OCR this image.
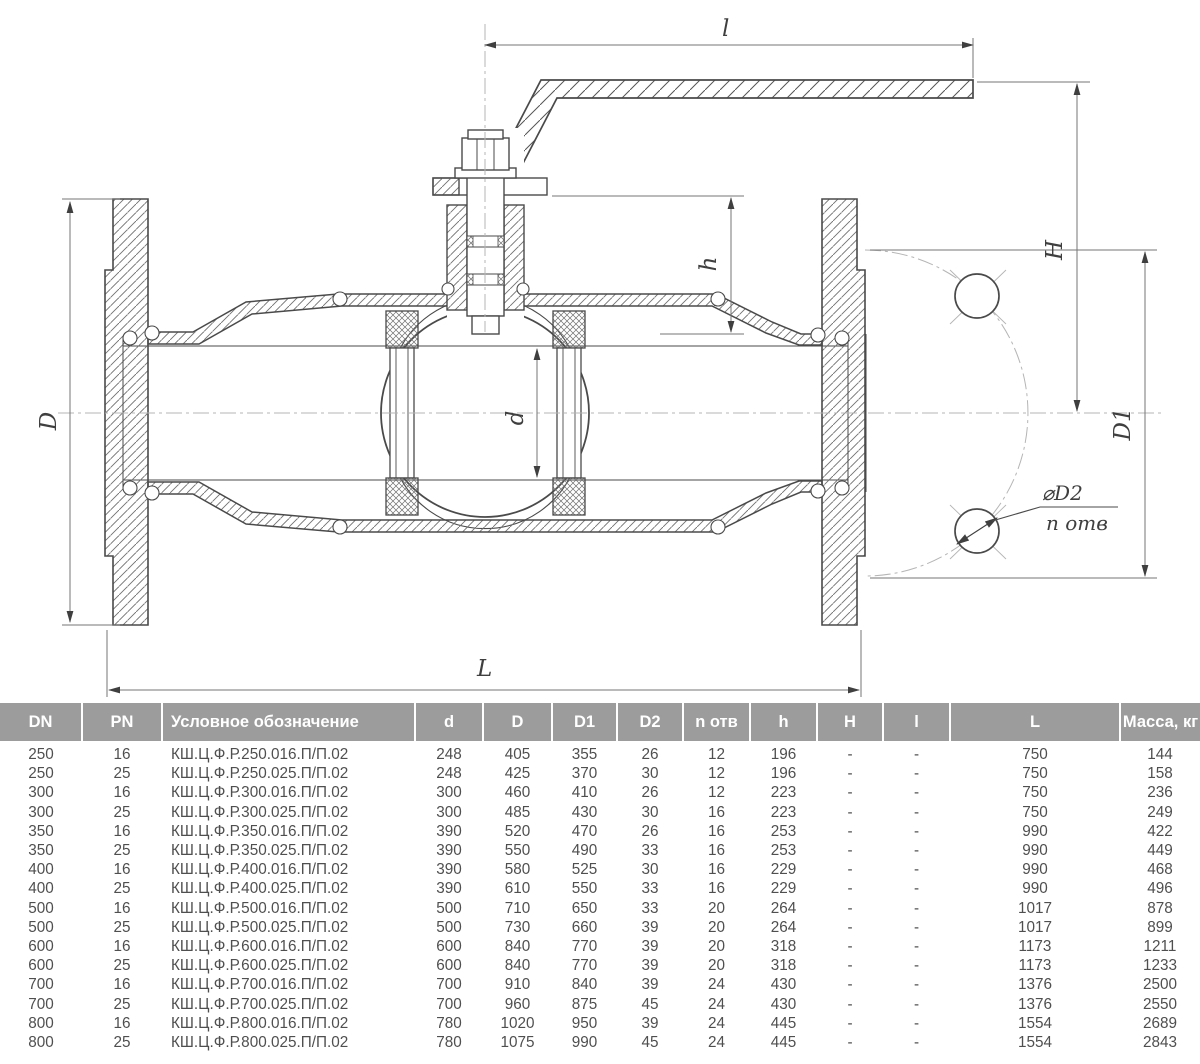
⌀D2
n отв
l
D	d
h
H
D1
L
DN	PN	Условное обозначение	d	D	D1	D2	n отв	h	H	l	L	Масса, кг
250	16	КШ.Ц.Ф.Р.250.016.П/П.02	248	405	355	26	12	196	-	-	750	144
250	25	КШ.Ц.Ф.Р.250.025.П/П.02	248	425	370	30	12	196	-	-	750	158
300	16	КШ.Ц.Ф.Р.300.016.П/П.02	300	460	410	26	12	223	-	-	750	236
300	25	КШ.Ц.Ф.Р.300.025.П/П.02	300	485	430	30	16	223	-	-	750	249
350	16	КШ.Ц.Ф.Р.350.016.П/П.02	390	520	470	26	16	253	-	-	990	422
350	25	КШ.Ц.Ф.Р.350.025.П/П.02	390	550	490	33	16	253	-	-	990	449
400	16	КШ.Ц.Ф.Р.400.016.П/П.02	390	580	525	30	16	229	-	-	990	468
400	25	КШ.Ц.Ф.Р.400.025.П/П.02	390	610	550	33	16	229	-	-	990	496
500	16	КШ.Ц.Ф.Р.500.016.П/П.02	500	710	650	33	20	264	-	-	1017	878
500	25	КШ.Ц.Ф.Р.500.025.П/П.02	500	730	660	39	20	264	-	-	1017	899
600	16	КШ.Ц.Ф.Р.600.016.П/П.02	600	840	770	39	20	318	-	-	1173	1211
600	25	КШ.Ц.Ф.Р.600.025.П/П.02	600	840	770	39	20	318	-	-	1173	1233
700	16	КШ.Ц.Ф.Р.700.016.П/П.02	700	910	840	39	24	430	-	-	1376	2500
700	25	КШ.Ц.Ф.Р.700.025.П/П.02	700	960	875	45	24	430	-	-	1376	2550
800	16	КШ.Ц.Ф.Р.800.016.П/П.02	780	1020	950	39	24	445	-	-	1554	2689
800	25	КШ.Ц.Ф.Р.800.025.П/П.02	780	1075	990	45	24	445	-	-	1554	2843
